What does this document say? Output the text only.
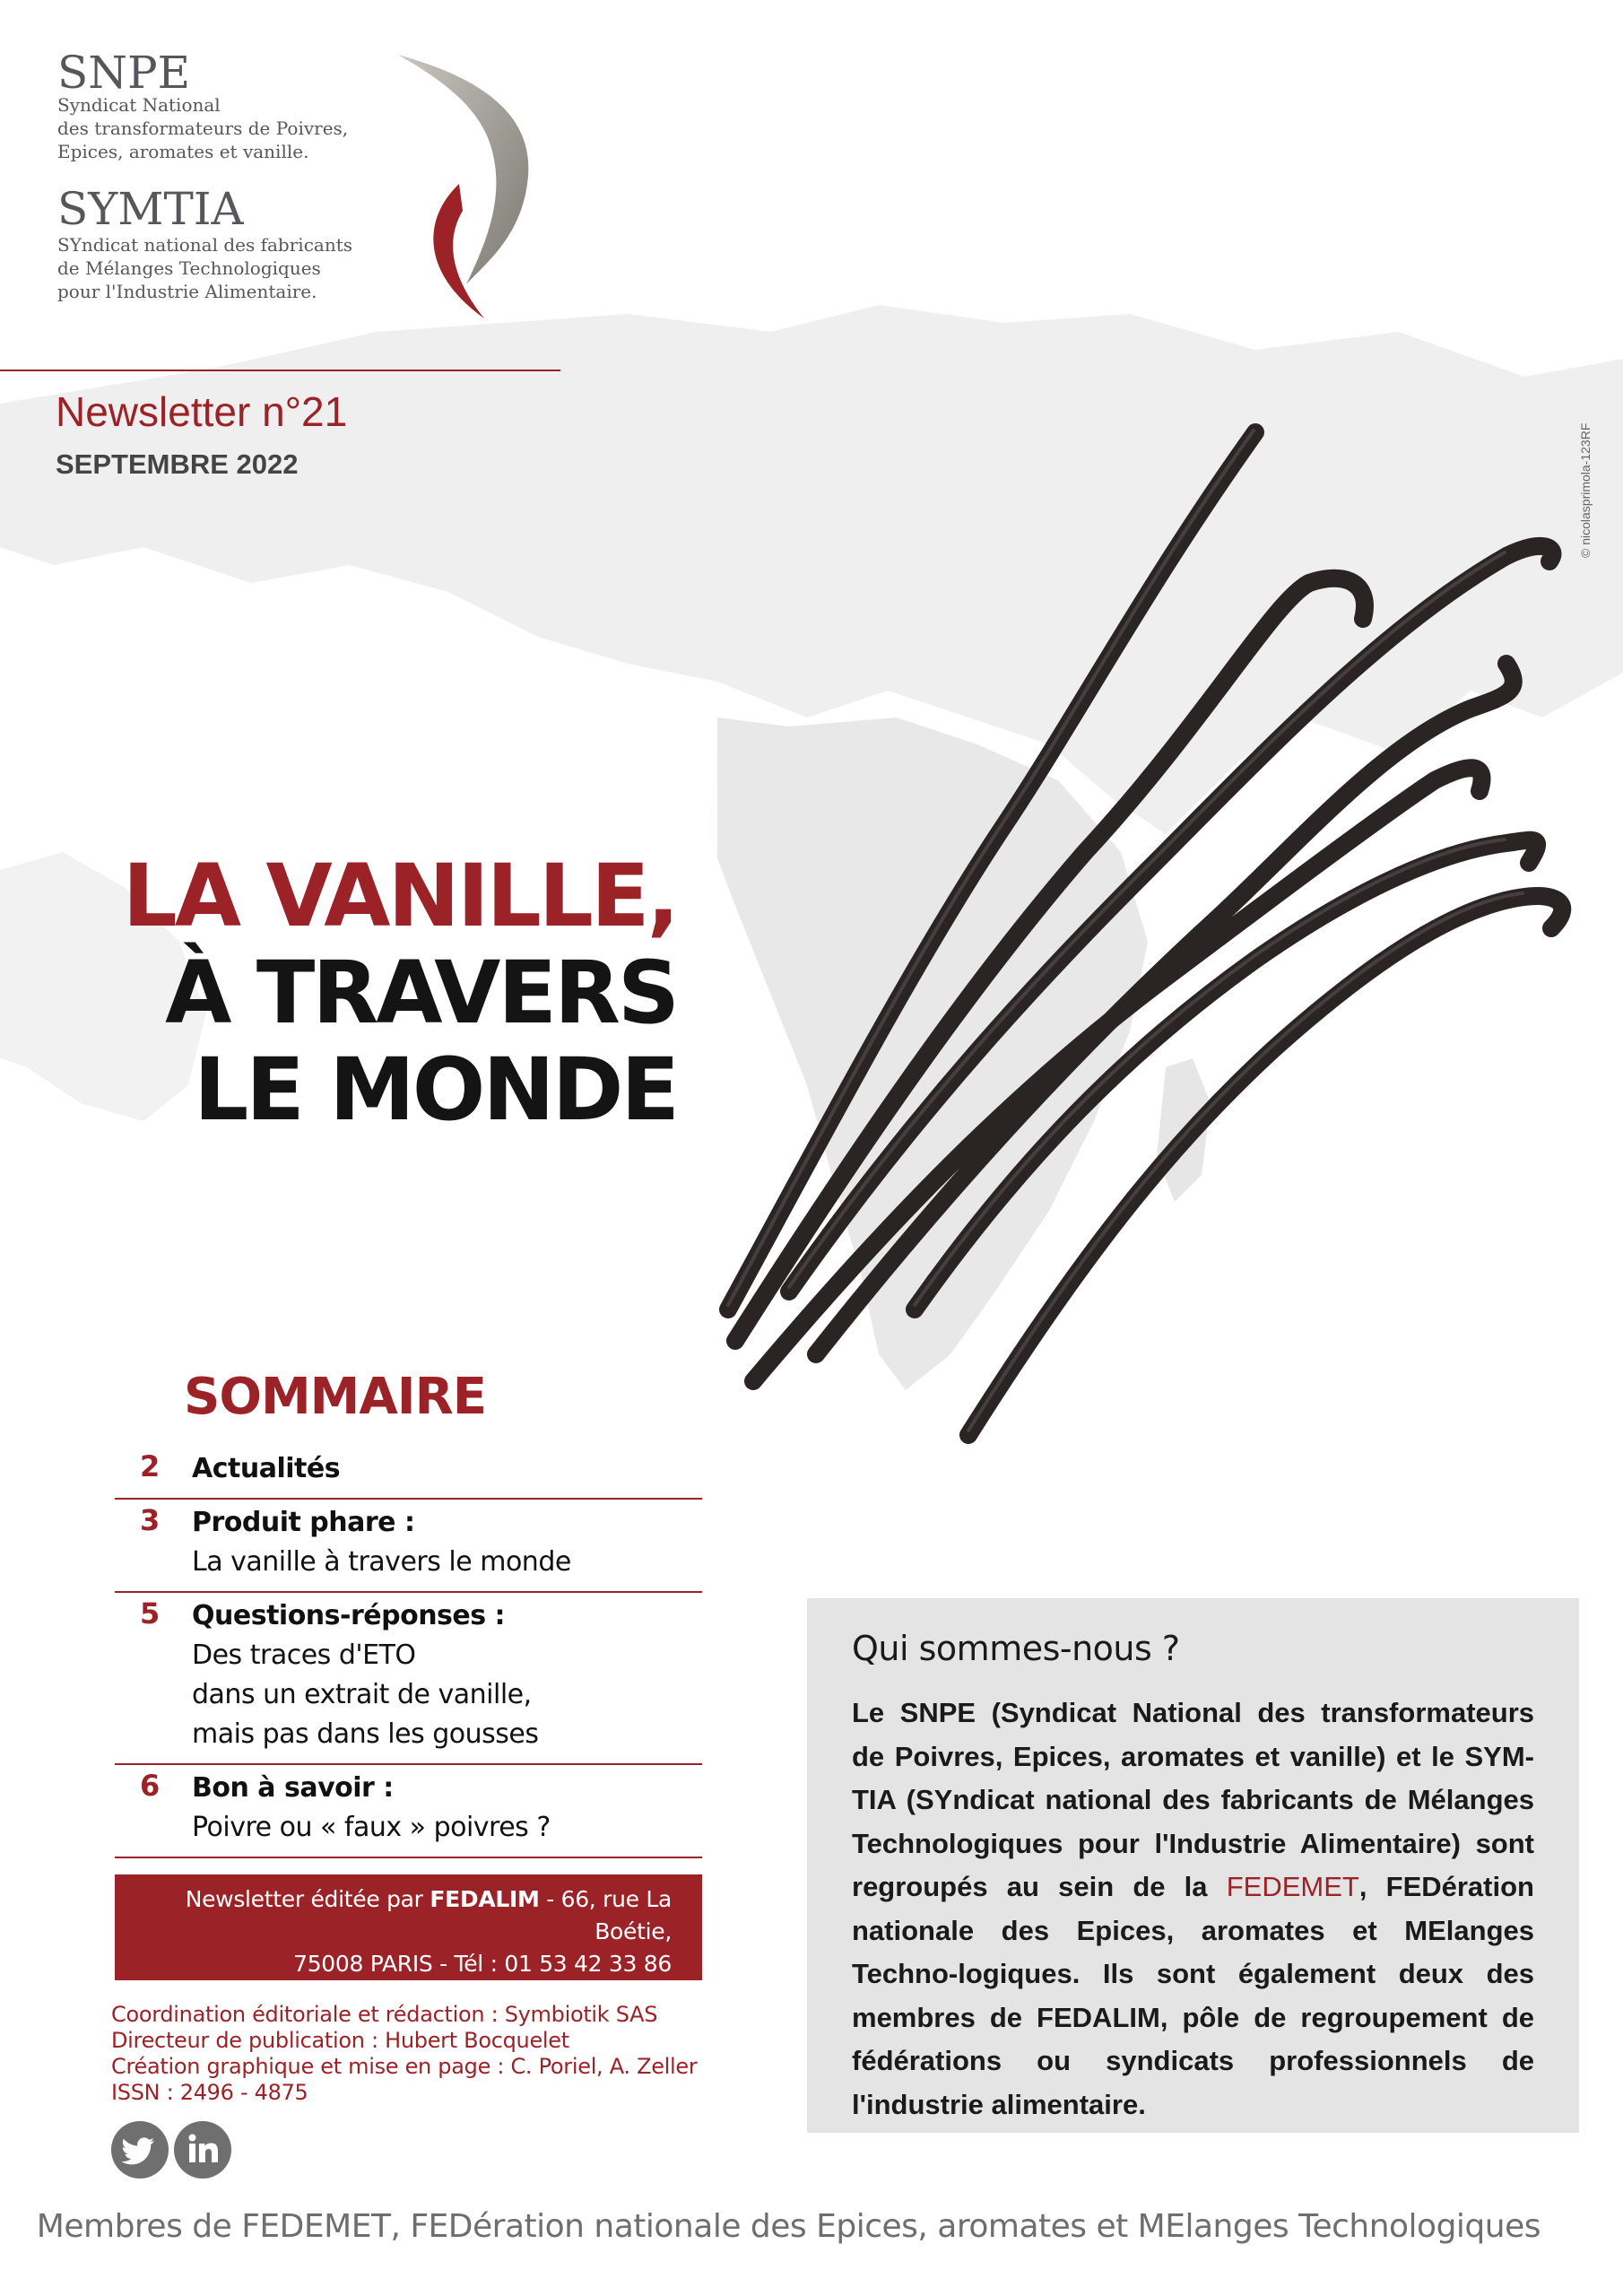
SNPE
Syndicat National
des transformateurs de Poivres,
Epices, aromates et vanille.
SYMTIA
SYndicat national des fabricants
de Mélanges Technologiques
pour l'Industrie Alimentaire.
Newsletter n°21
SEPTEMBRE 2022	© nicolasprimola-123RF
LA VANILLE,
À TRAVERS
LE MONDE
SOMMAIRE
2	Actualités
3	Produit phare :
La vanille à travers le monde
5	Questions-réponses :
Des traces d'ETO
dans un extrait de vanille,
mais pas dans les gousses
6	Bon à savoir :
Poivre ou « faux » poivres ?
Newsletter éditée par FEDALIM - 66, rue La Boétie,
75008 PARIS - Tél : 01 53 42 33 86
www.fedalim.net
Coordination éditoriale et rédaction : Symbiotik SAS
Directeur de publication : Hubert Bocquelet
Création graphique et mise en page : C. Poriel, A. Zeller
ISSN : 2496 - 4875
Qui sommes-nous ?
Le SNPE (Syndicat National des transformateurs de Poivres, Epices, aromates et vanille) et le SYM-TIA (SYndicat national des fabricants de Mélanges Technologiques pour l'Industrie Alimentaire) sont regroupés au sein de la FEDEMET, FEDération nationale des Epices, aromates et MElanges Techno-logiques. Ils sont également deux des membres de FEDALIM, pôle de regroupement de fédérations ou syndicats professionnels de l'industrie alimentaire.
Membres de FEDEMET, FEDération nationale des Epices, aromates et MElanges Technologiques
